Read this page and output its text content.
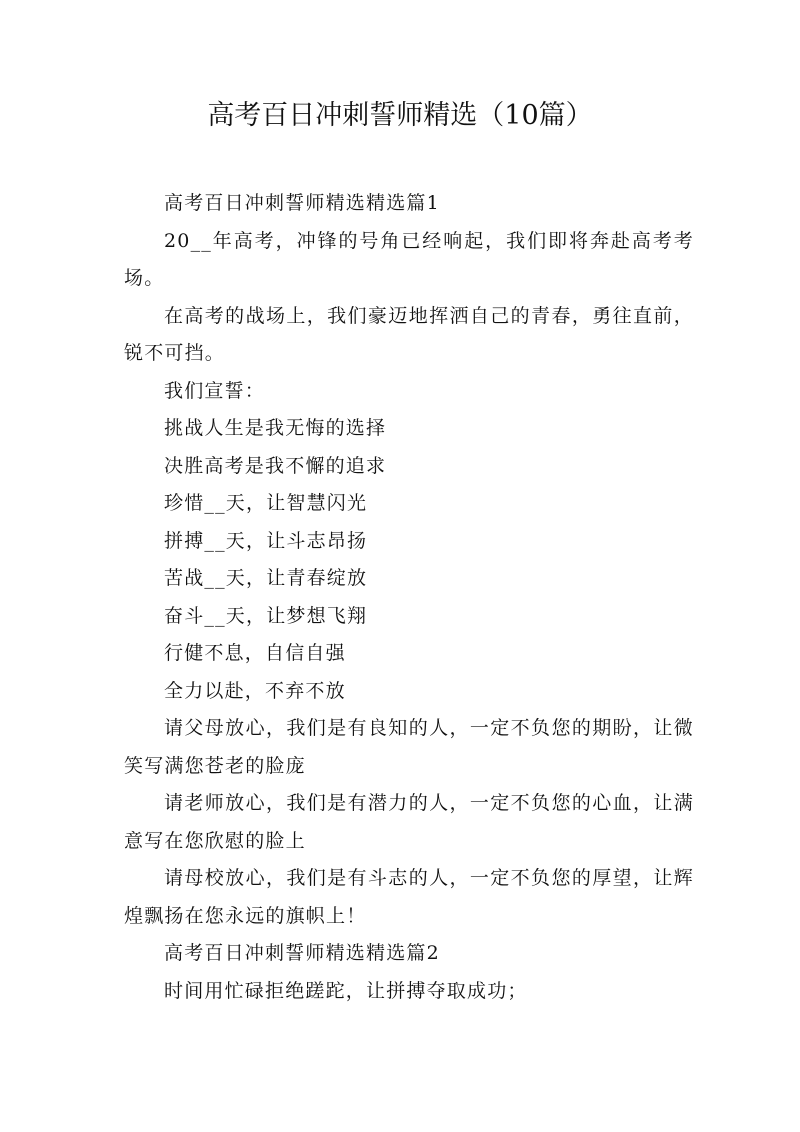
高考百日冲刺誓师精选（10篇）

高考百日冲刺誓师精选精选篇1

20__年高考，冲锋的号角已经响起，我们即将奔赴高考考场。

在高考的战场上，我们豪迈地挥洒自己的青春，勇往直前，锐不可挡。

我们宣誓：

挑战人生是我无悔的选择

决胜高考是我不懈的追求

珍惜__天，让智慧闪光

拼搏__天，让斗志昂扬

苦战__天，让青春绽放

奋斗__天，让梦想飞翔

行健不息，自信自强

全力以赴，不弃不放

请父母放心，我们是有良知的人，一定不负您的期盼，让微笑写满您苍老的脸庞

请老师放心，我们是有潜力的人，一定不负您的心血，让满意写在您欣慰的脸上

请母校放心，我们是有斗志的人，一定不负您的厚望，让辉煌飘扬在您永远的旗帜上！

高考百日冲刺誓师精选精选篇2

时间用忙碌拒绝蹉跎，让拼搏夺取成功；
